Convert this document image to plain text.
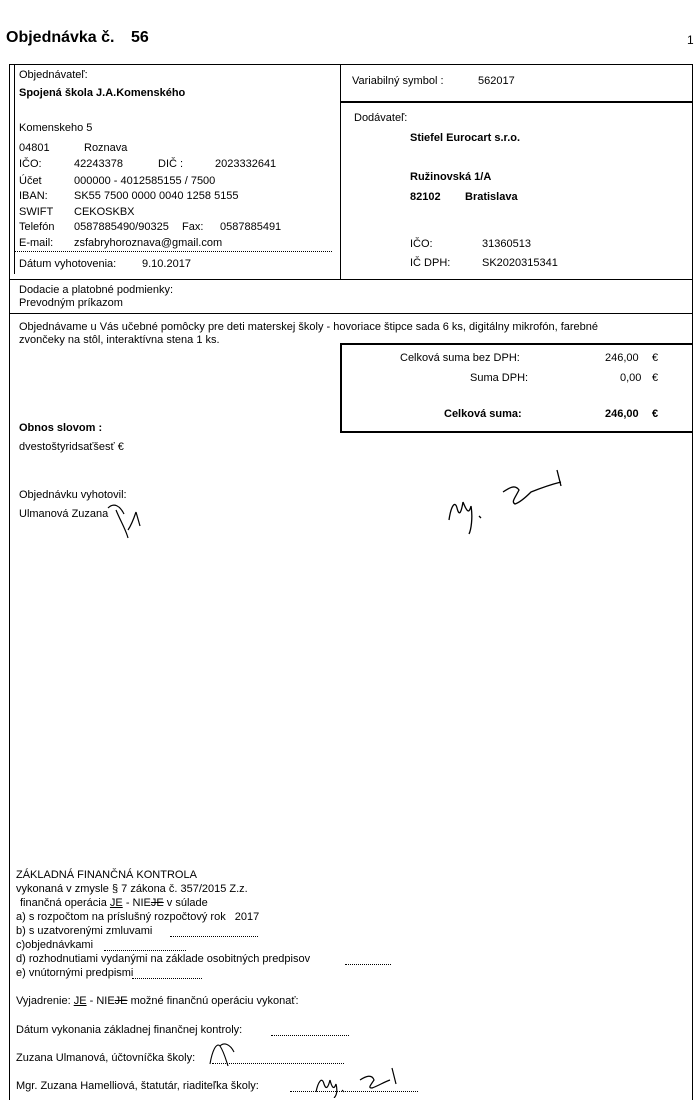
Objednávka č. 56	1
Objednávateľ:
Spojená škola J.A.Komenského
Komenskeho 5
04801	Roznava
IČO:	42243378	DIČ :	2023332641
Účet	000000 - 4012585155 / 7500
IBAN: SK55 7500 0000 0040 1258 5155
SWIFT CEKOSKBX
Telefón 0587885490/90325 Fax: 0587885491
E-mail: zsfabryhoroznava@gmail.com
Dátum vyhotovenia: 9.10.2017
Variabilný symbol :	562017
Dodávateľ:
Stiefel Eurocart s.r.o.
Ružinovská 1/A
82102 Bratislava
IČO:	31360513
IČ DPH:	SK2020315341
Dodacie a platobné podmienky:
Prevodným príkazom
Objednávame u Vás učebné pomôcky pre deti materskej školy - hovoriace štipce sada 6 ks, digitálny mikrofón, farebné
zvončeky na stôl, interaktívna stena 1 ks.
Celková suma bez DPH:	246,00 €
Suma DPH:	0,00 €
Celková suma:	246,00 €
Obnos slovom :
dvestoštyridsaťšesť €
Objednávku vyhotovil:
Ulmanová Zuzana
ZÁKLADNÁ FINANČNÁ KONTROLA
vykonaná v zmysle § 7 zákona č. 357/2015 Z.z.
finančná operácia JE - NIEJE v súlade
a) s rozpočtom na príslušný rozpočtový rok 2017
b) s uzatvorenými zmluvami
c)objednávkami
d) rozhodnutiami vydanými na základe osobitných predpisov
e) vnútornými predpismi
Vyjadrenie: JE - NIEJE možné finančnú operáciu vykonať:
Dátum vykonania základnej finančnej kontroly:
Zuzana Ulmanová, účtovníčka školy:
Mgr. Zuzana Hamelliová, štatutár, riaditeľka školy:
